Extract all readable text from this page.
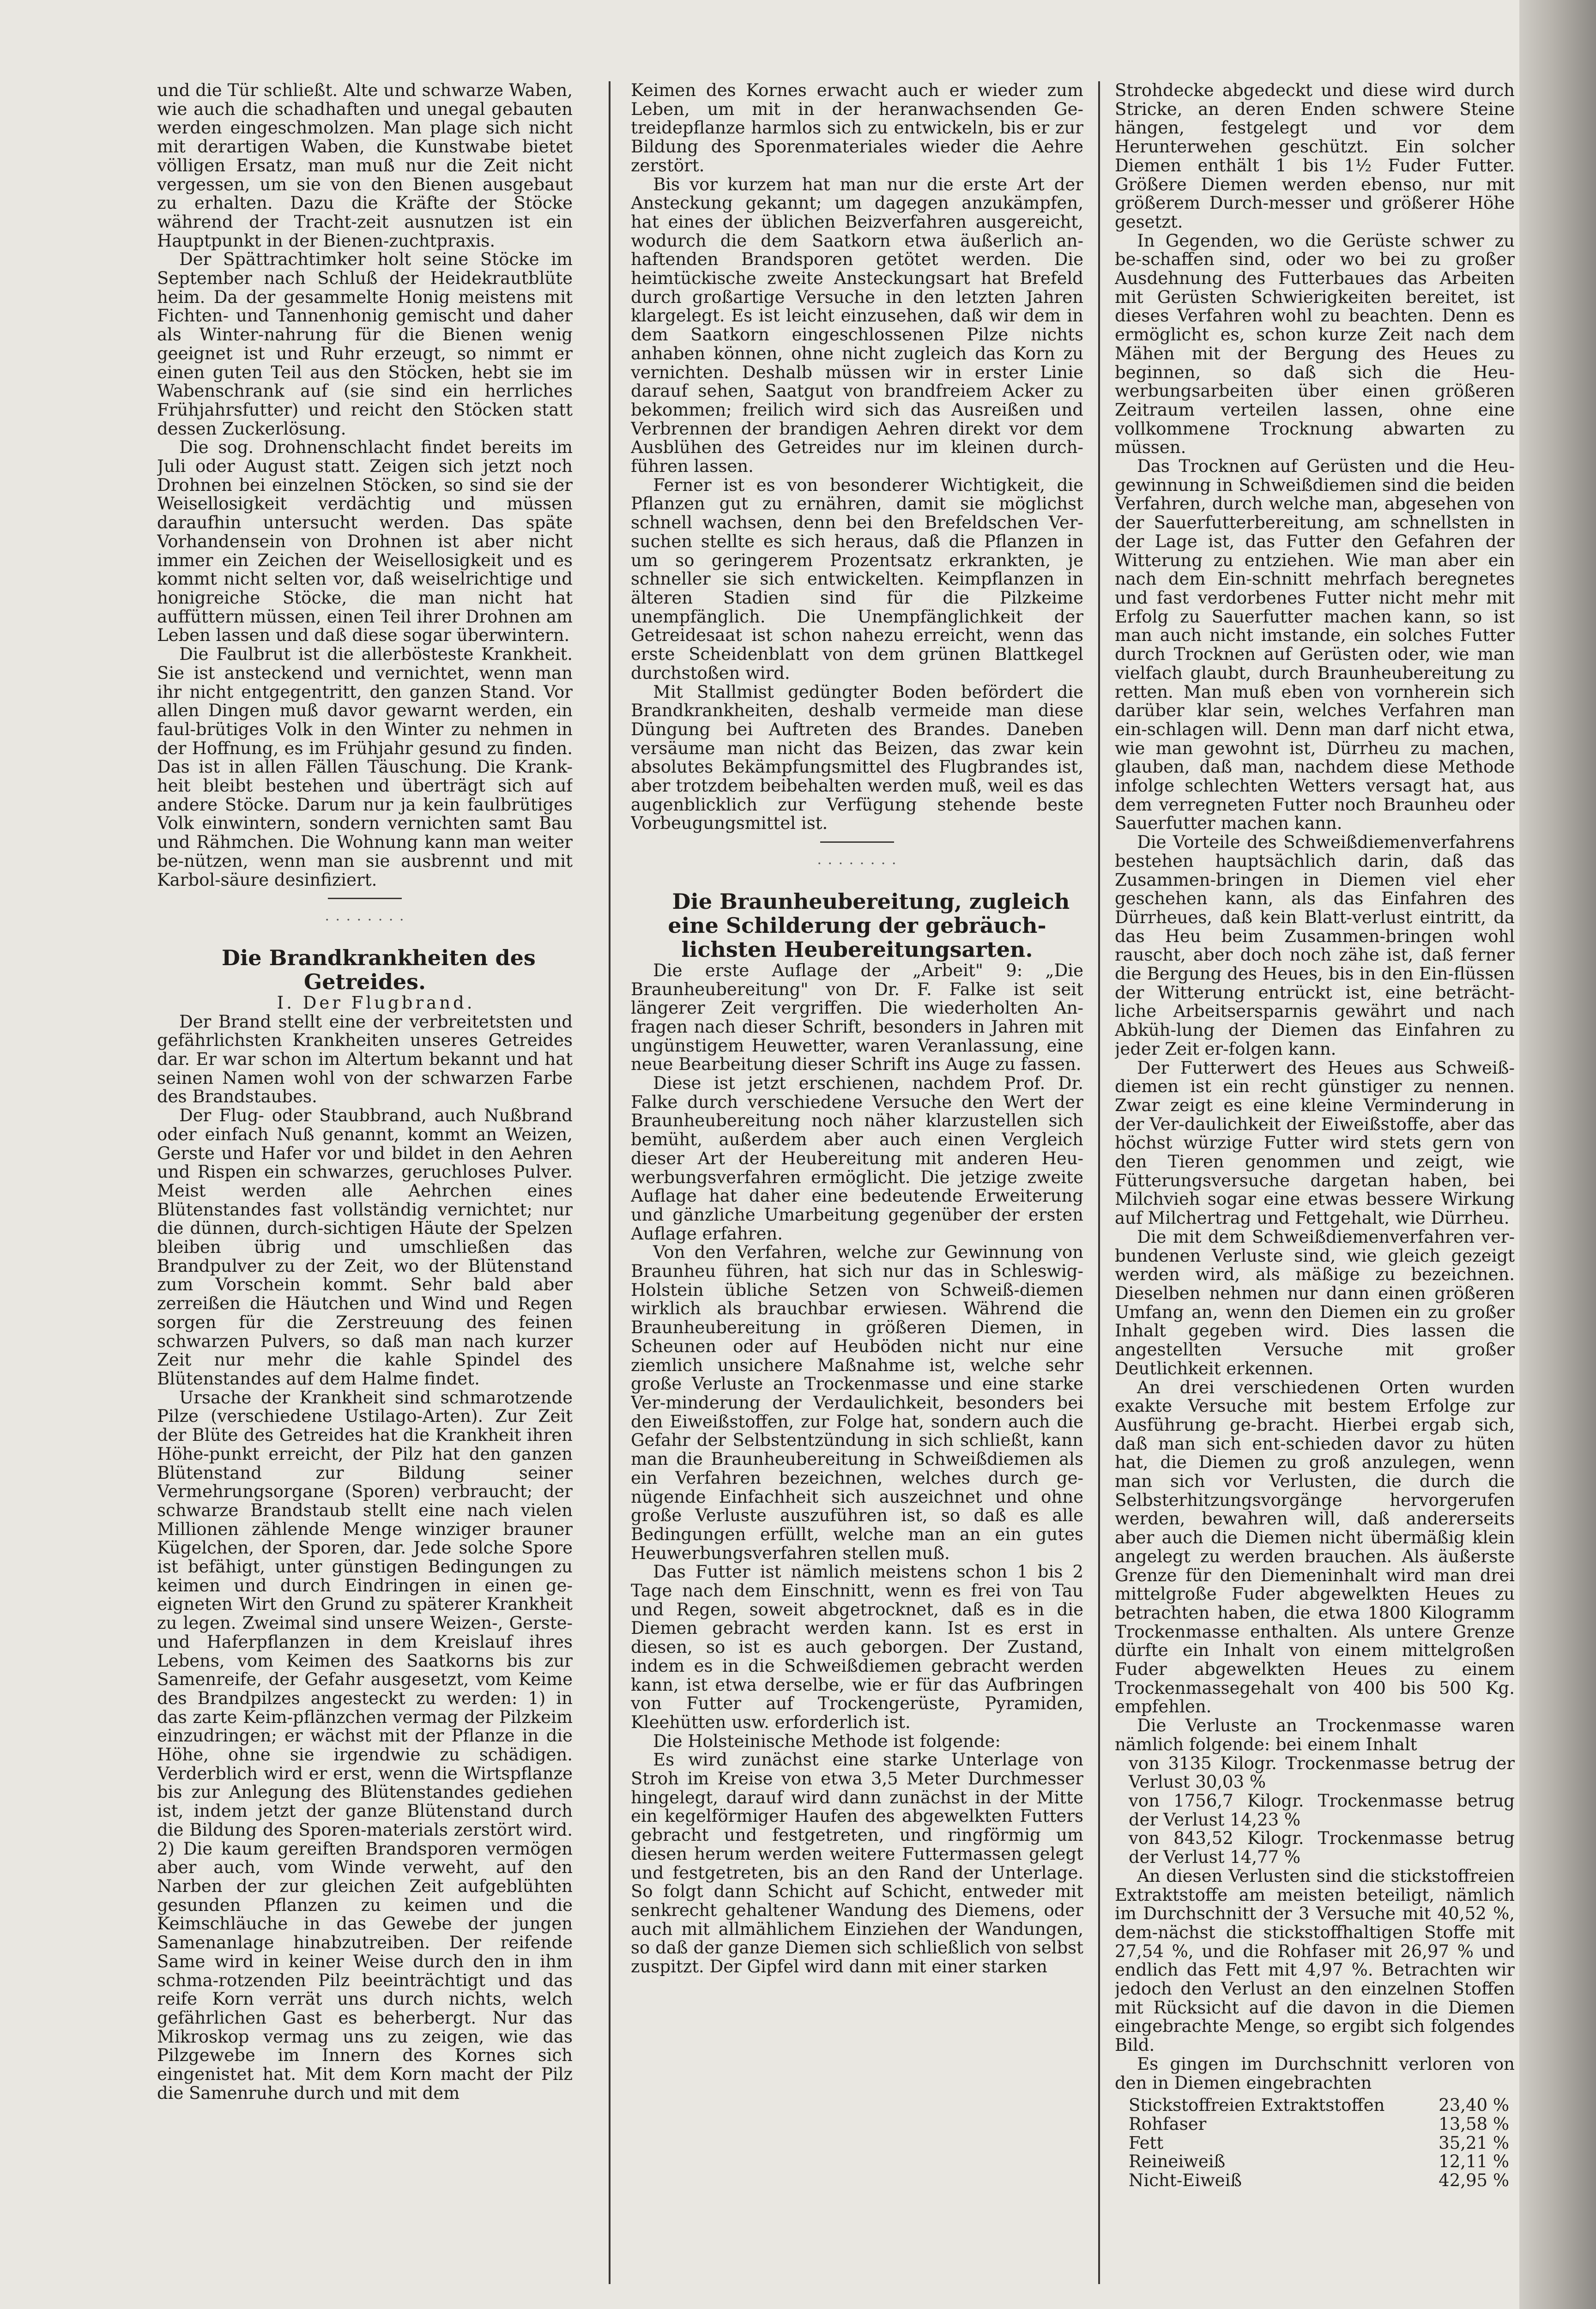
und die Tür schließt. Alte und schwarze Waben, wie auch die schadhaften und unegal gebauten werden eingeschmolzen. Man plage sich nicht mit derartigen Waben, die Kunstwabe bietet völligen Ersatz, man muß nur die Zeit nicht vergessen, um sie von den Bienen ausgebaut zu erhalten. Dazu die Kräfte der Stöcke während der Tracht-zeit ausnutzen ist ein Hauptpunkt in der Bienen-zuchtpraxis.

Der Spättrachtimker holt seine Stöcke im September nach Schluß der Heidekrautblüte heim. Da der gesammelte Honig meistens mit Fichten- und Tannenhonig gemischt und daher als Winter-nahrung für die Bienen wenig geeignet ist und Ruhr erzeugt, so nimmt er einen guten Teil aus den Stöcken, hebt sie im Wabenschrank auf (sie sind ein herrliches Frühjahrsfutter) und reicht den Stöcken statt dessen Zuckerlösung.

Die sog. Drohnenschlacht findet bereits im Juli oder August statt. Zeigen sich jetzt noch Drohnen bei einzelnen Stöcken, so sind sie der Weisellosigkeit verdächtig und müssen daraufhin untersucht werden. Das späte Vorhandensein von Drohnen ist aber nicht immer ein Zeichen der Weisellosigkeit und es kommt nicht selten vor, daß weiselrichtige und honigreiche Stöcke, die man nicht hat auffüttern müssen, einen Teil ihrer Drohnen am Leben lassen und daß diese sogar überwintern.

Die Faulbrut ist die allerbösteste Krankheit. Sie ist ansteckend und vernichtet, wenn man ihr nicht entgegentritt, den ganzen Stand. Vor allen Dingen muß davor gewarnt werden, ein faul-brütiges Volk in den Winter zu nehmen in der Hoffnung, es im Frühjahr gesund zu finden. Das ist in allen Fällen Täuschung. Die Krank-heit bleibt bestehen und überträgt sich auf andere Stöcke. Darum nur ja kein faulbrütiges Volk einwintern, sondern vernichten samt Bau und Rähmchen. Die Wohnung kann man weiter be-nützen, wenn man sie ausbrennt und mit Karbol-säure desinfiziert.

· · · · · · · ·

Die Brandkrankheiten des Getreides.

I. Der Flugbrand.

Der Brand stellt eine der verbreitetsten und gefährlichsten Krankheiten unseres Getreides dar. Er war schon im Altertum bekannt und hat seinen Namen wohl von der schwarzen Farbe des Brandstaubes.

Der Flug- oder Staubbrand, auch Nußbrand oder einfach Nuß genannt, kommt an Weizen, Gerste und Hafer vor und bildet in den Aehren und Rispen ein schwarzes, geruchloses Pulver. Meist werden alle Aehrchen eines Blütenstandes fast vollständig vernichtet; nur die dünnen, durch-sichtigen Häute der Spelzen bleiben übrig und umschließen das Brandpulver zu der Zeit, wo der Blütenstand zum Vorschein kommt. Sehr bald aber zerreißen die Häutchen und Wind und Regen sorgen für die Zerstreuung des feinen schwarzen Pulvers, so daß man nach kurzer Zeit nur mehr die kahle Spindel des Blütenstandes auf dem Halme findet.

Ursache der Krankheit sind schmarotzende Pilze (verschiedene Ustilago-Arten). Zur Zeit der Blüte des Getreides hat die Krankheit ihren Höhe-punkt erreicht, der Pilz hat den ganzen Blütenstand zur Bildung seiner Vermehrungsorgane (Sporen) verbraucht; der schwarze Brandstaub stellt eine nach vielen Millionen zählende Menge winziger brauner Kügelchen, der Sporen, dar. Jede solche Spore ist befähigt, unter günstigen Bedingungen zu keimen und durch Eindringen in einen ge-eigneten Wirt den Grund zu späterer Krankheit zu legen. Zweimal sind unsere Weizen-, Gerste- und Haferpflanzen in dem Kreislauf ihres Lebens, vom Keimen des Saatkorns bis zur Samenreife, der Gefahr ausgesetzt, vom Keime des Brandpilzes angesteckt zu werden: 1) in das zarte Keim-pflänzchen vermag der Pilzkeim einzudringen; er wächst mit der Pflanze in die Höhe, ohne sie irgendwie zu schädigen. Verderblich wird er erst, wenn die Wirtspflanze bis zur Anlegung des Blütenstandes gediehen ist, indem jetzt der ganze Blütenstand durch die Bildung des Sporen-materials zerstört wird. 2) Die kaum gereiften Brandsporen vermögen aber auch, vom Winde verweht, auf den Narben der zur gleichen Zeit aufgeblühten gesunden Pflanzen zu keimen und die Keimschläuche in das Gewebe der jungen Samenanlage hinabzutreiben. Der reifende Same wird in keiner Weise durch den in ihm schma-rotzenden Pilz beeinträchtigt und das reife Korn verrät uns durch nichts, welch gefährlichen Gast es beherbergt. Nur das Mikroskop vermag uns zu zeigen, wie das Pilzgewebe im Innern des Kornes sich eingenistet hat. Mit dem Korn macht der Pilz die Samenruhe durch und mit dem

Keimen des Kornes erwacht auch er wieder zum Leben, um mit in der heranwachsenden Ge-treidepflanze harmlos sich zu entwickeln, bis er zur Bildung des Sporenmateriales wieder die Aehre zerstört.

Bis vor kurzem hat man nur die erste Art der Ansteckung gekannt; um dagegen anzukämpfen, hat eines der üblichen Beizverfahren ausgereicht, wodurch die dem Saatkorn etwa äußerlich an-haftenden Brandsporen getötet werden. Die heimtückische zweite Ansteckungsart hat Brefeld durch großartige Versuche in den letzten Jahren klargelegt. Es ist leicht einzusehen, daß wir dem in dem Saatkorn eingeschlossenen Pilze nichts anhaben können, ohne nicht zugleich das Korn zu vernichten. Deshalb müssen wir in erster Linie darauf sehen, Saatgut von brandfreiem Acker zu bekommen; freilich wird sich das Ausreißen und Verbrennen der brandigen Aehren direkt vor dem Ausblühen des Getreides nur im kleinen durch-führen lassen.

Ferner ist es von besonderer Wichtigkeit, die Pflanzen gut zu ernähren, damit sie möglichst schnell wachsen, denn bei den Brefeldschen Ver-suchen stellte es sich heraus, daß die Pflanzen in um so geringerem Prozentsatz erkrankten, je schneller sie sich entwickelten. Keimpflanzen in älteren Stadien sind für die Pilzkeime unempfänglich. Die Unempfänglichkeit der Getreidesaat ist schon nahezu erreicht, wenn das erste Scheidenblatt von dem grünen Blattkegel durchstoßen wird.

Mit Stallmist gedüngter Boden befördert die Brandkrankheiten, deshalb vermeide man diese Düngung bei Auftreten des Brandes. Daneben versäume man nicht das Beizen, das zwar kein absolutes Bekämpfungsmittel des Flugbrandes ist, aber trotzdem beibehalten werden muß, weil es das augenblicklich zur Verfügung stehende beste Vorbeugungsmittel ist.

· · · · · · · ·

Die Braunheubereitung, zugleich eine Schilderung der gebräuch-lichsten Heubereitungsarten.

Die erste Auflage der „Arbeit" 9: „Die Braunheubereitung" von Dr. F. Falke ist seit längerer Zeit vergriffen. Die wiederholten An-fragen nach dieser Schrift, besonders in Jahren mit ungünstigem Heuwetter, waren Veranlassung, eine neue Bearbeitung dieser Schrift ins Auge zu fassen.

Diese ist jetzt erschienen, nachdem Prof. Dr. Falke durch verschiedene Versuche den Wert der Braunheubereitung noch näher klarzustellen sich bemüht, außerdem aber auch einen Vergleich dieser Art der Heubereitung mit anderen Heu-werbungsverfahren ermöglicht. Die jetzige zweite Auflage hat daher eine bedeutende Erweiterung und gänzliche Umarbeitung gegenüber der ersten Auflage erfahren.

Von den Verfahren, welche zur Gewinnung von Braunheu führen, hat sich nur das in Schleswig-Holstein übliche Setzen von Schweiß-diemen wirklich als brauchbar erwiesen. Während die Braunheubereitung in größeren Diemen, in Scheunen oder auf Heuböden nicht nur eine ziemlich unsichere Maßnahme ist, welche sehr große Verluste an Trockenmasse und eine starke Ver-minderung der Verdaulichkeit, besonders bei den Eiweißstoffen, zur Folge hat, sondern auch die Gefahr der Selbstentzündung in sich schließt, kann man die Braunheubereitung in Schweißdiemen als ein Verfahren bezeichnen, welches durch ge-nügende Einfachheit sich auszeichnet und ohne große Verluste auszuführen ist, so daß es alle Bedingungen erfüllt, welche man an ein gutes Heuwerbungsverfahren stellen muß.

Das Futter ist nämlich meistens schon 1 bis 2 Tage nach dem Einschnitt, wenn es frei von Tau und Regen, soweit abgetrocknet, daß es in die Diemen gebracht werden kann. Ist es erst in diesen, so ist es auch geborgen. Der Zustand, indem es in die Schweißdiemen gebracht werden kann, ist etwa derselbe, wie er für das Aufbringen von Futter auf Trockengerüste, Pyramiden, Kleehütten usw. erforderlich ist.

Die Holsteinische Methode ist folgende:

Es wird zunächst eine starke Unterlage von Stroh im Kreise von etwa 3,5 Meter Durchmesser hingelegt, darauf wird dann zunächst in der Mitte ein kegelförmiger Haufen des abgewelkten Futters gebracht und festgetreten, und ringförmig um diesen herum werden weitere Futtermassen gelegt und festgetreten, bis an den Rand der Unterlage. So folgt dann Schicht auf Schicht, entweder mit senkrecht gehaltener Wandung des Diemens, oder auch mit allmählichem Einziehen der Wandungen, so daß der ganze Diemen sich schließlich von selbst zuspitzt. Der Gipfel wird dann mit einer starken

Strohdecke abgedeckt und diese wird durch Stricke, an deren Enden schwere Steine hängen, festgelegt und vor dem Herunterwehen geschützt. Ein solcher Diemen enthält 1 bis 1½ Fuder Futter. Größere Diemen werden ebenso, nur mit größerem Durch-messer und größerer Höhe gesetzt.

In Gegenden, wo die Gerüste schwer zu be-schaffen sind, oder wo bei zu großer Ausdehnung des Futterbaues das Arbeiten mit Gerüsten Schwierigkeiten bereitet, ist dieses Verfahren wohl zu beachten. Denn es ermöglicht es, schon kurze Zeit nach dem Mähen mit der Bergung des Heues zu beginnen, so daß sich die Heu-werbungsarbeiten über einen größeren Zeitraum verteilen lassen, ohne eine vollkommene Trocknung abwarten zu müssen.

Das Trocknen auf Gerüsten und die Heu-gewinnung in Schweißdiemen sind die beiden Verfahren, durch welche man, abgesehen von der Sauerfutterbereitung, am schnellsten in der Lage ist, das Futter den Gefahren der Witterung zu entziehen. Wie man aber ein nach dem Ein-schnitt mehrfach beregnetes und fast verdorbenes Futter nicht mehr mit Erfolg zu Sauerfutter machen kann, so ist man auch nicht imstande, ein solches Futter durch Trocknen auf Gerüsten oder, wie man vielfach glaubt, durch Braunheubereitung zu retten. Man muß eben von vornherein sich darüber klar sein, welches Verfahren man ein-schlagen will. Denn man darf nicht etwa, wie man gewohnt ist, Dürrheu zu machen, glauben, daß man, nachdem diese Methode infolge schlechten Wetters versagt hat, aus dem verregneten Futter noch Braunheu oder Sauerfutter machen kann.

Die Vorteile des Schweißdiemenverfahrens bestehen hauptsächlich darin, daß das Zusammen-bringen in Diemen viel eher geschehen kann, als das Einfahren des Dürrheues, daß kein Blatt-verlust eintritt, da das Heu beim Zusammen-bringen wohl rauscht, aber doch noch zähe ist, daß ferner die Bergung des Heues, bis in den Ein-flüssen der Witterung entrückt ist, eine beträcht-liche Arbeitsersparnis gewährt und nach Abküh-lung der Diemen das Einfahren zu jeder Zeit er-folgen kann.

Der Futterwert des Heues aus Schweiß-diemen ist ein recht günstiger zu nennen. Zwar zeigt es eine kleine Verminderung in der Ver-daulichkeit der Eiweißstoffe, aber das höchst würzige Futter wird stets gern von den Tieren genommen und zeigt, wie Fütterungsversuche dargetan haben, bei Milchvieh sogar eine etwas bessere Wirkung auf Milchertrag und Fettgehalt, wie Dürrheu.

Die mit dem Schweißdiemenverfahren ver-bundenen Verluste sind, wie gleich gezeigt werden wird, als mäßige zu bezeichnen. Dieselben nehmen nur dann einen größeren Umfang an, wenn den Diemen ein zu großer Inhalt gegeben wird. Dies lassen die angestellten Versuche mit großer Deutlichkeit erkennen.

An drei verschiedenen Orten wurden exakte Versuche mit bestem Erfolge zur Ausführung ge-bracht. Hierbei ergab sich, daß man sich ent-schieden davor zu hüten hat, die Diemen zu groß anzulegen, wenn man sich vor Verlusten, die durch die Selbsterhitzungsvorgänge hervorgerufen werden, bewahren will, daß andererseits aber auch die Diemen nicht übermäßig klein angelegt zu werden brauchen. Als äußerste Grenze für den Diemeninhalt wird man drei mittelgroße Fuder abgewelkten Heues zu betrachten haben, die etwa 1800 Kilogramm Trockenmasse enthalten. Als untere Grenze dürfte ein Inhalt von einem mittelgroßen Fuder abgewelkten Heues zu einem Trockenmassegehalt von 400 bis 500 Kg. empfehlen.

Die Verluste an Trockenmasse waren nämlich folgende: bei einem Inhalt

von 3135 Kilogr. Trockenmasse betrug der Verlust 30,03 %

von 1756,7 Kilogr. Trockenmasse betrug der Verlust 14,23 %

von 843,52 Kilogr. Trockenmasse betrug der Verlust 14,77 %

An diesen Verlusten sind die stickstoffreien Extraktstoffe am meisten beteiligt, nämlich im Durchschnitt der 3 Versuche mit 40,52 %, dem-nächst die stickstoffhaltigen Stoffe mit 27,54 %, und die Rohfaser mit 26,97 % und endlich das Fett mit 4,97 %. Betrachten wir jedoch den Verlust an den einzelnen Stoffen mit Rücksicht auf die davon in die Diemen eingebrachte Menge, so ergibt sich folgendes Bild.

Es gingen im Durchschnitt verloren von den in Diemen eingebrachten

Stickstoffreien Extraktstoffen	23,40 %
Rohfaser	13,58 %
Fett	35,21 %
Reineiweiß	12,11 %
Nicht-Eiweiß	42,95 %
